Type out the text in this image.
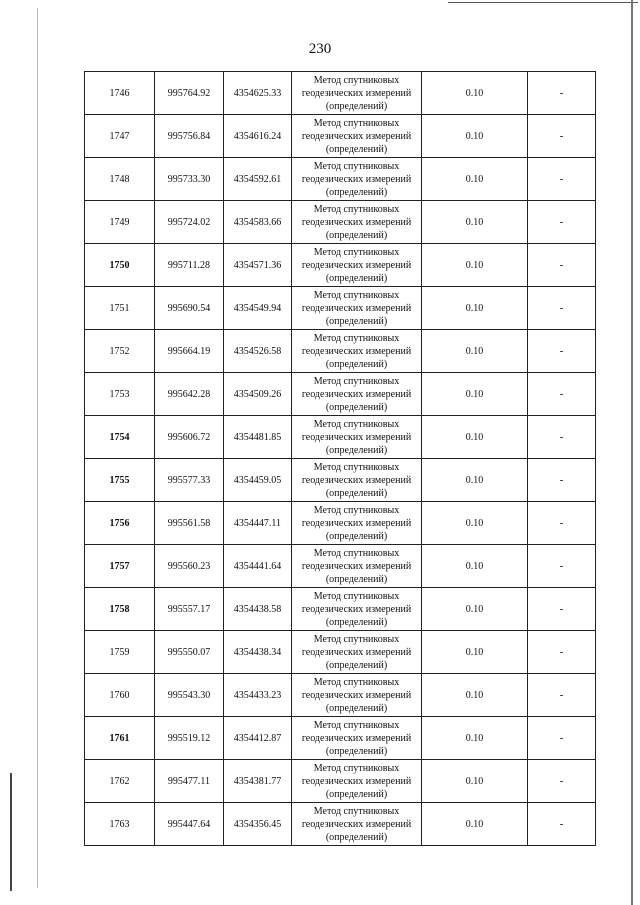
230
1746	995764.92	4354625.33	Метод спутниковых
геодезических измерений
(определений)	0.10	-
1747	995756.84	4354616.24	Метод спутниковых
геодезических измерений
(определений)	0.10	-
1748	995733.30	4354592.61	Метод спутниковых
геодезических измерений
(определений)	0.10	-
1749	995724.02	4354583.66	Метод спутниковых
геодезических измерений
(определений)	0.10	-
1750	995711.28	4354571.36	Метод спутниковых
геодезических измерений
(определений)	0.10	-
1751	995690.54	4354549.94	Метод спутниковых
геодезических измерений
(определений)	0.10	-
1752	995664.19	4354526.58	Метод спутниковых
геодезических измерений
(определений)	0.10	-
1753	995642.28	4354509.26	Метод спутниковых
геодезических измерений
(определений)	0.10	-
1754	995606.72	4354481.85	Метод спутниковых
геодезических измерений
(определений)	0.10	-
1755	995577.33	4354459.05	Метод спутниковых
геодезических измерений
(определений)	0.10	-
1756	995561.58	4354447.11	Метод спутниковых
геодезических измерений
(определений)	0.10	-
1757	995560.23	4354441.64	Метод спутниковых
геодезических измерений
(определений)	0.10	-
1758	995557.17	4354438.58	Метод спутниковых
геодезических измерений
(определений)	0.10	-
1759	995550.07	4354438.34	Метод спутниковых
геодезических измерений
(определений)	0.10	-
1760	995543.30	4354433.23	Метод спутниковых
геодезических измерений
(определений)	0.10	-
1761	995519.12	4354412.87	Метод спутниковых
геодезических измерений
(определений)	0.10	-
1762	995477.11	4354381.77	Метод спутниковых
геодезических измерений
(определений)	0.10	-
1763	995447.64	4354356.45	Метод спутниковых
геодезических измерений
(определений)	0.10	-
